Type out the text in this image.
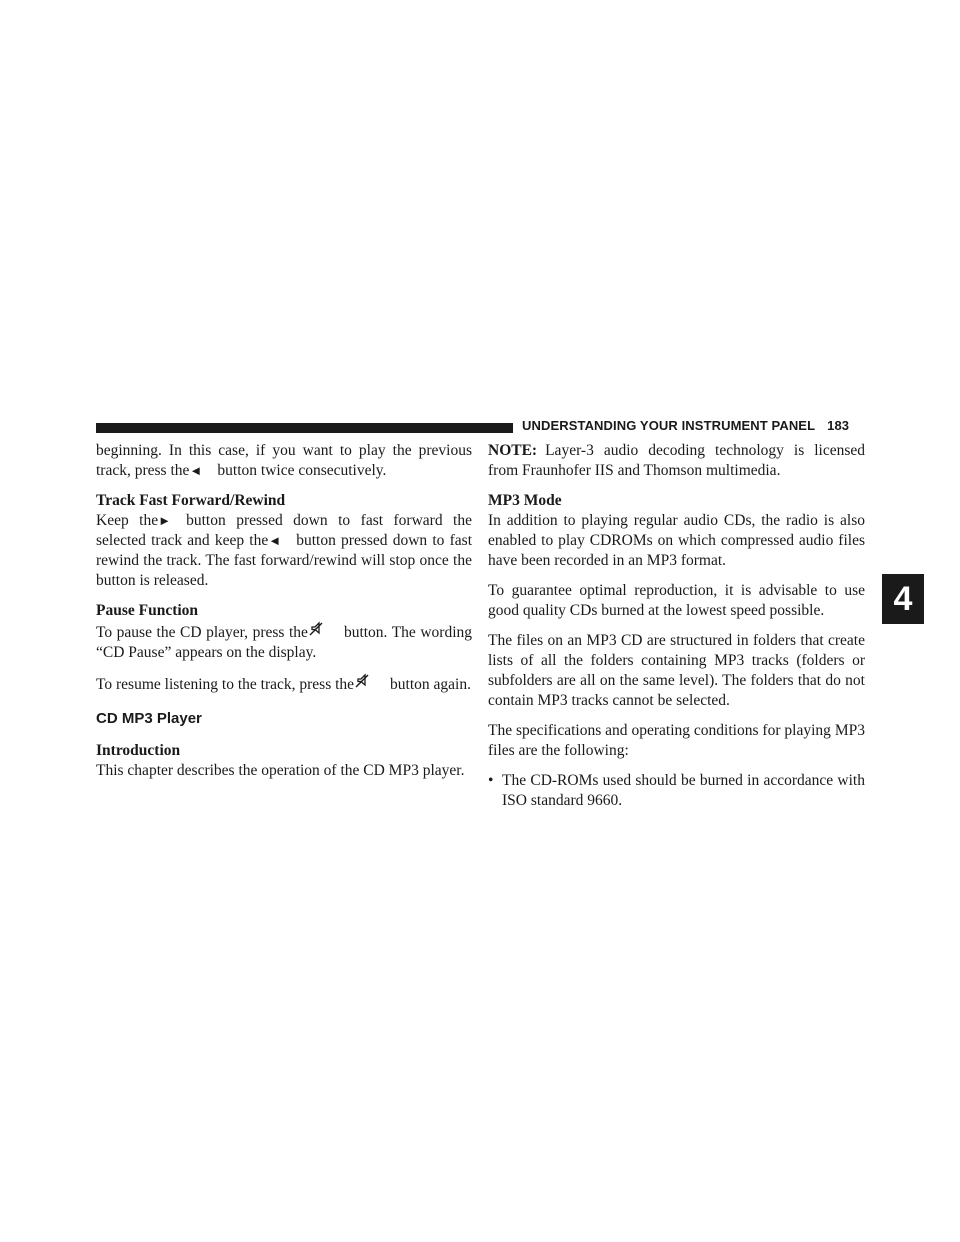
UNDERSTANDING YOUR INSTRUMENT PANEL 183
4

beginning. In this case, if you want to play the previous track, press the◄ button twice consecutively.

Track Fast Forward/Rewind

Keep the► button pressed down to fast forward the selected track and keep the◄ button pressed down to fast rewind the track. The fast forward/rewind will stop once the button is released.

Pause Function

To pause the CD player, press the button. The wording “CD Pause” appears on the display.

To resume listening to the track, press the button again.

CD MP3 Player
Introduction

This chapter describes the operation of the CD MP3 player.

NOTE: Layer-3 audio decoding technology is licensed from Fraunhofer IIS and Thomson multimedia.

MP3 Mode

In addition to playing regular audio CDs, the radio is also enabled to play CDROMs on which compressed audio files have been recorded in an MP3 format.

To guarantee optimal reproduction, it is advisable to use good quality CDs burned at the lowest speed possible.

The files on an MP3 CD are structured in folders that create lists of all the folders containing MP3 tracks (folders or subfolders are all on the same level). The folders that do not contain MP3 tracks cannot be selected.

The specifications and operating conditions for playing MP3 files are the following:

• The CD-ROMs used should be burned in accordance with ISO standard 9660.
